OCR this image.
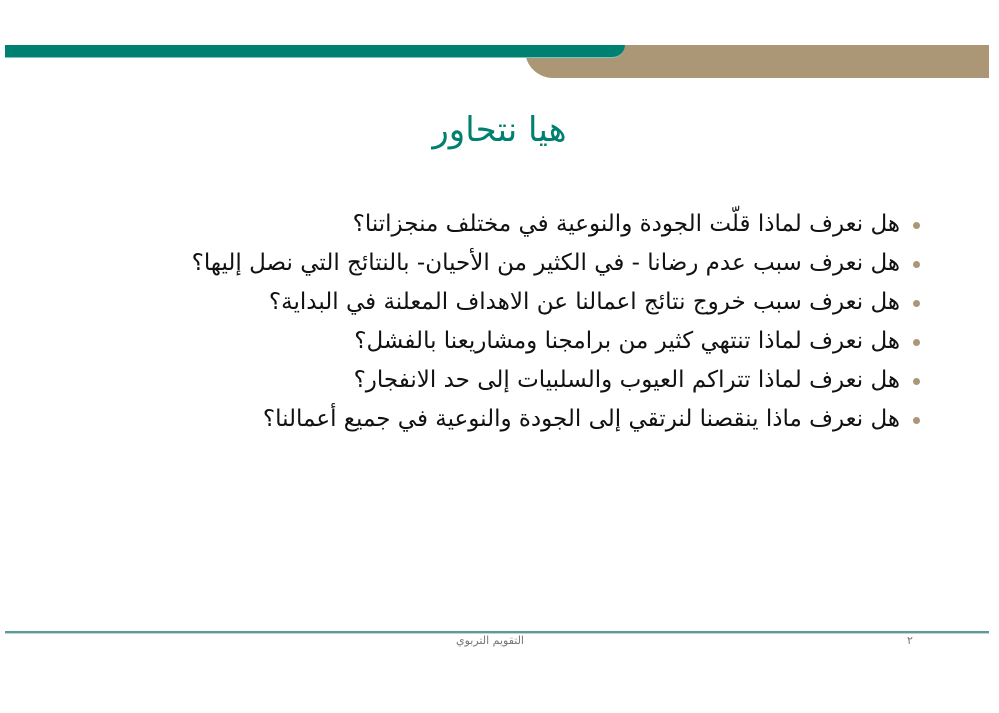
هيا نتحاور
هل نعرف لماذا قلّت الجودة والنوعية في مختلف منجزاتنا؟
هل نعرف سبب عدم رضانا - في الكثير من الأحيان- بالنتائج التي نصل إليها؟
هل نعرف سبب خروج نتائج اعمالنا عن الاهداف المعلنة في البداية؟
هل نعرف لماذا تنتهي كثير من برامجنا ومشاريعنا بالفشل؟
هل نعرف لماذا تتراكم العيوب والسلبيات إلى حد الانفجار؟
هل نعرف ماذا ينقصنا لنرتقي إلى الجودة والنوعية في جميع أعمالنا؟
التقويم التربوي	٢
